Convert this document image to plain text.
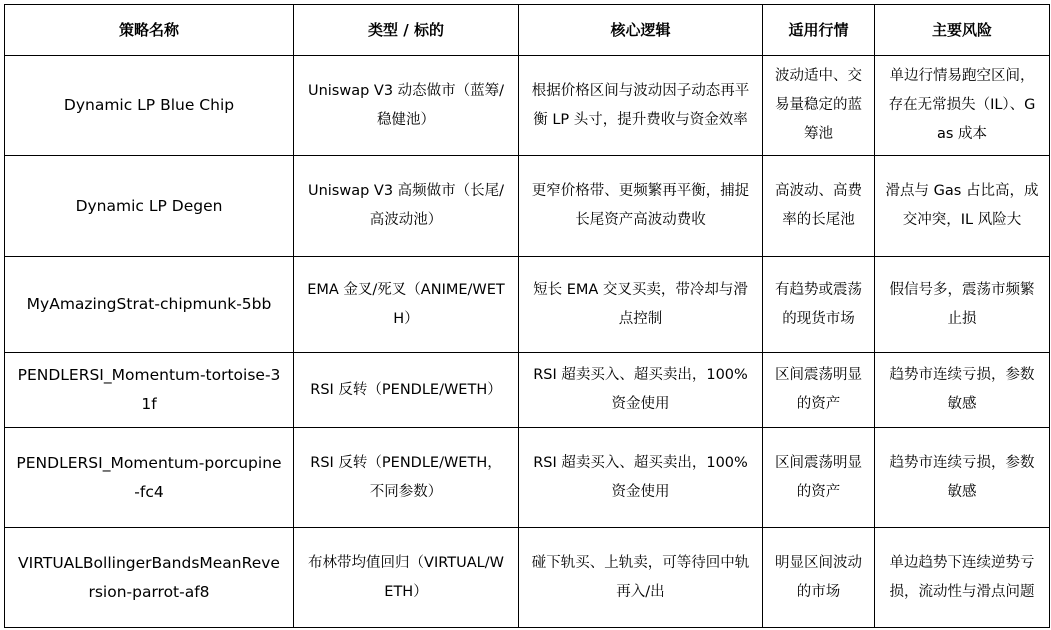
策略名称	类型 / 标的	核心逻辑	适用行情	主要风险
Dynamic LP Blue Chip	Uniswap V3 动态做市（蓝筹/稳健池）	根据价格区间与波动因子动态再平衡 LP 头寸，提升费收与资金效率	波动适中、交易量稳定的蓝筹池	单边行情易跑空区间，存在无常损失（IL）、Gas 成本
Dynamic LP Degen	Uniswap V3 高频做市（长尾/高波动池）	更窄价格带、更频繁再平衡，捕捉长尾资产高波动费收	高波动、高费率的长尾池	滑点与 Gas 占比高，成交冲突，IL 风险大
MyAmazingStrat-chipmunk-5bb	EMA 金叉/死叉（ANIME/WETH）	短长 EMA 交叉买卖，带冷却与滑点控制	有趋势或震荡的现货市场	假信号多，震荡市频繁止损
PENDLERSI_Momentum-tortoise-31f	RSI 反转（PENDLE/WETH）	RSI 超卖买入、超买卖出，100% 资金使用	区间震荡明显的资产	趋势市连续亏损，参数敏感
PENDLERSI_Momentum-porcupine-fc4	RSI 反转（PENDLE/WETH，不同参数）	RSI 超卖买入、超买卖出，100% 资金使用	区间震荡明显的资产	趋势市连续亏损，参数敏感
VIRTUALBollingerBandsMeanReversion-parrot-af8	布林带均值回归（VIRTUAL/WETH）	碰下轨买、上轨卖，可等待回中轨再入/出	明显区间波动的市场	单边趋势下连续逆势亏损，流动性与滑点问题
